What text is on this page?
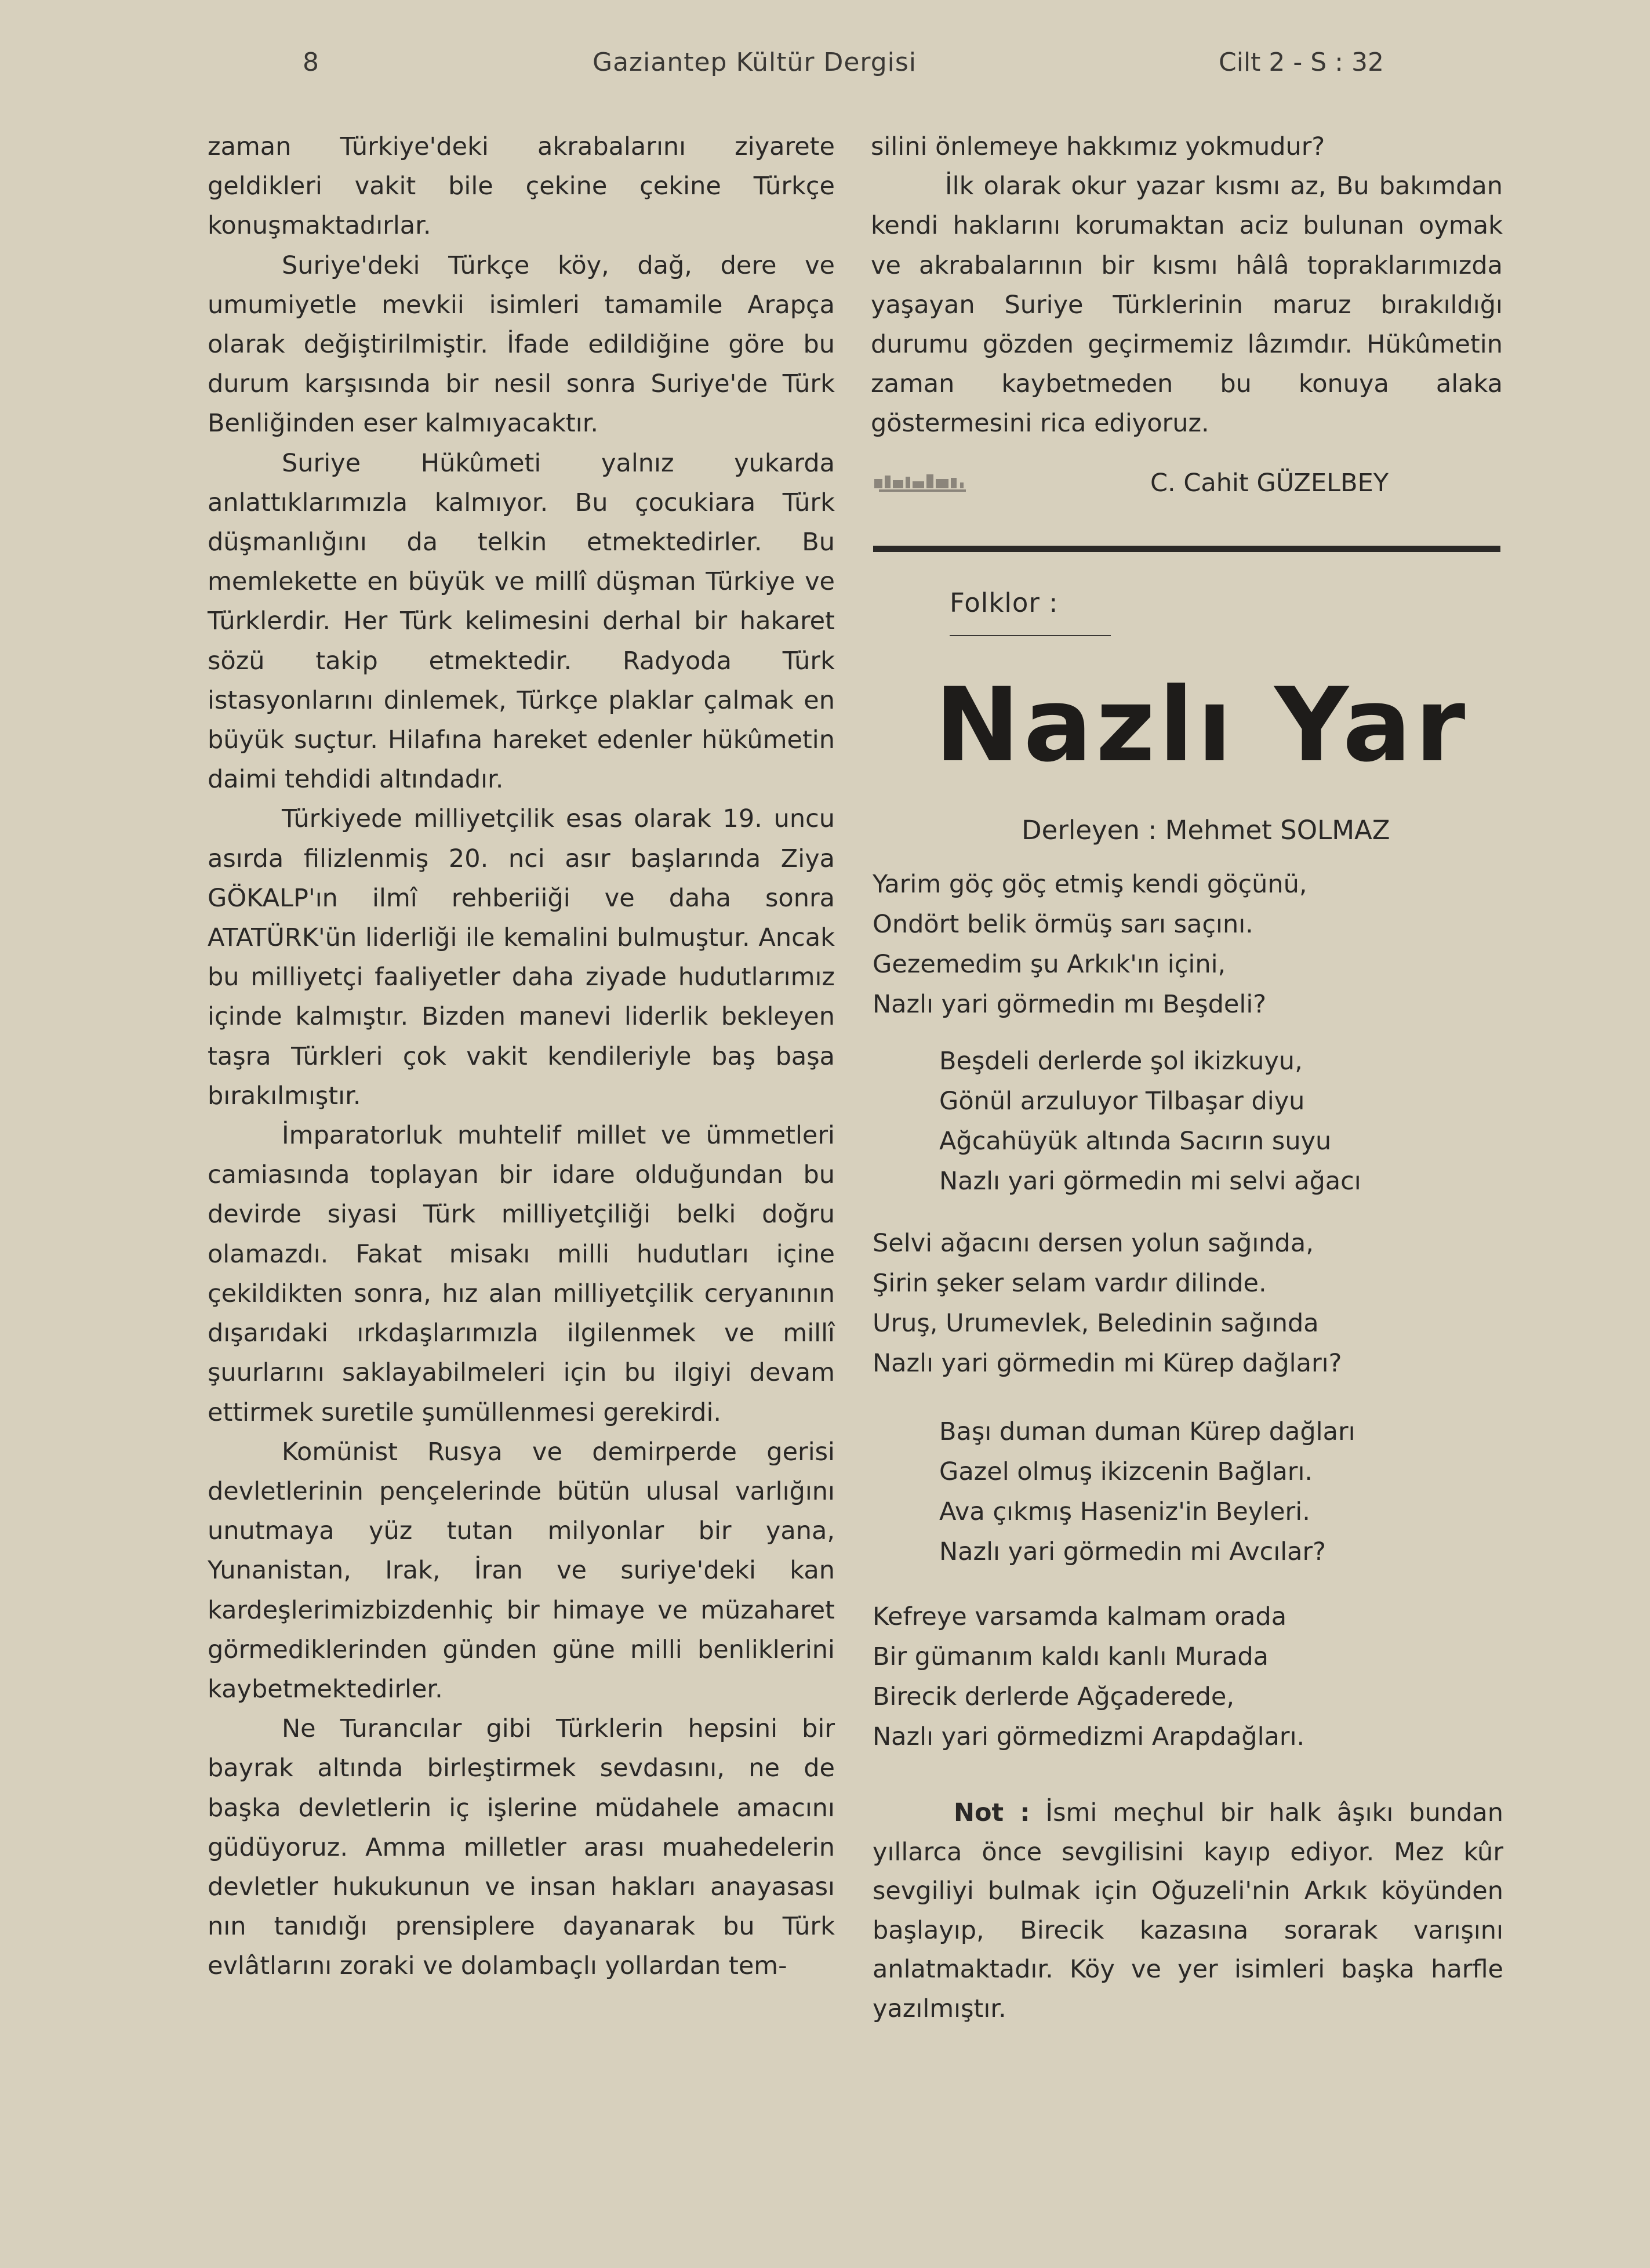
8	Gaziantep Kültür Dergisi	Cilt 2 - S : 32

zaman Türkiye'deki akrabalarını ziyarete geldikleri vakit bile çekine çekine Türkçe konuşmaktadırlar.

Suriye'deki Türkçe köy, dağ, dere ve umumiyetle mevkii isimleri tamamile Arapça olarak değiştirilmiştir. İfade edildiğine göre bu durum karşısında bir nesil sonra Suriye'de Türk Benliğinden eser kalmıyacaktır.

Suriye Hükûmeti yalnız yukarda anlattıklarımızla kalmıyor. Bu çocukiara Türk düşmanlığını da telkin etmektedirler. Bu memlekette en büyük ve millî düşman Türkiye ve Türklerdir. Her Türk kelimesini derhal bir hakaret sözü takip etmektedir. Radyoda Türk istasyonlarını dinlemek, Türkçe plaklar çalmak en büyük suçtur. Hilafına hareket edenler hükûmetin daimi tehdidi altındadır.

Türkiyede milliyetçilik esas olarak 19. uncu asırda filizlenmiş 20. nci asır başlarında Ziya GÖKALP'ın ilmî rehberiiği ve daha sonra ATATÜRK'ün liderliği ile kemalini bulmuştur. Ancak bu milliyetçi faaliyetler daha ziyade hudutlarımız içinde kalmıştır. Bizden manevi liderlik bekleyen taşra Türkleri çok vakit kendileriyle baş başa bırakılmıştır.

İmparatorluk muhtelif millet ve ümmetleri camiasında toplayan bir idare olduğundan bu devirde siyasi Türk milliyetçiliği belki doğru olamazdı. Fakat misakı milli hudutları içine çekildikten sonra, hız alan milliyetçilik ceryanının dışarıdaki ırkdaşlarımızla ilgilenmek ve millî şuurlarını saklayabilmeleri için bu ilgiyi devam ettirmek suretile şumüllenmesi gerekirdi.

Komünist Rusya ve demirperde gerisi devletlerinin pençelerinde bütün ulusal varlığını unutmaya yüz tutan milyonlar bir yana, Yunanistan, Irak, İran ve suriye'deki kan kardeşlerimizbizdenhiç bir himaye ve müzaharet görmediklerinden günden güne milli benliklerini kaybetmektedirler.

Ne Turancılar gibi Türklerin hepsini bir bayrak altında birleştirmek sevdasını, ne de başka devletlerin iç işlerine müdahele amacını güdüyoruz. Amma milletler arası muahedelerin devletler hukukunun ve insan hakları anayasası nın tanıdığı prensiplere dayanarak bu Türk evlâtlarını zoraki ve dolambaçlı yollardan tem-

silini önlemeye hakkımız yokmudur?

İlk olarak okur yazar kısmı az, Bu bakımdan kendi haklarını korumaktan aciz bulunan oymak ve akrabalarının bir kısmı hâlâ topraklarımızda yaşayan Suriye Türklerinin maruz bırakıldığı durumu gözden geçirmemiz lâzımdır. Hükûmetin zaman kaybetmeden bu konuya alaka göstermesini rica ediyoruz.

C. Cahit GÜZELBEY
Folklor :
Nazlı Yar
Derleyen : Mehmet SOLMAZ
Yarim göç göç etmiş kendi göçünü,
Ondört belik örmüş sarı saçını.
Gezemedim şu Arkık'ın içini,
Nazlı yari görmedin mı Beşdeli?
Beşdeli derlerde şol ikizkuyu,
Gönül arzuluyor Tilbaşar diyu
Ağcahüyük altında Sacırın suyu
Nazlı yari görmedin mi selvi ağacı
Selvi ağacını dersen yolun sağında,
Şirin şeker selam vardır dilinde.
Uruş, Urumevlek, Beledinin sağında
Nazlı yari görmedin mi Kürep dağları?
Başı duman duman Kürep dağları
Gazel olmuş ikizcenin Bağları.
Ava çıkmış Haseniz'in Beyleri.
Nazlı yari görmedin mi Avcılar?
Kefreye varsamda kalmam orada
Bir gümanım kaldı kanlı Murada
Birecik derlerde Ağçaderede,
Nazlı yari görmedizmi Arapdağları.

Not : İsmi meçhul bir halk âşıkı bundan yıllarca önce sevgilisini kayıp ediyor. Mez kûr sevgiliyi bulmak için Oğuzeli'nin Arkık köyünden başlayıp, Birecik kazasına sorarak varışını anlatmaktadır. Köy ve yer isimleri başka harfle yazılmıştır.
